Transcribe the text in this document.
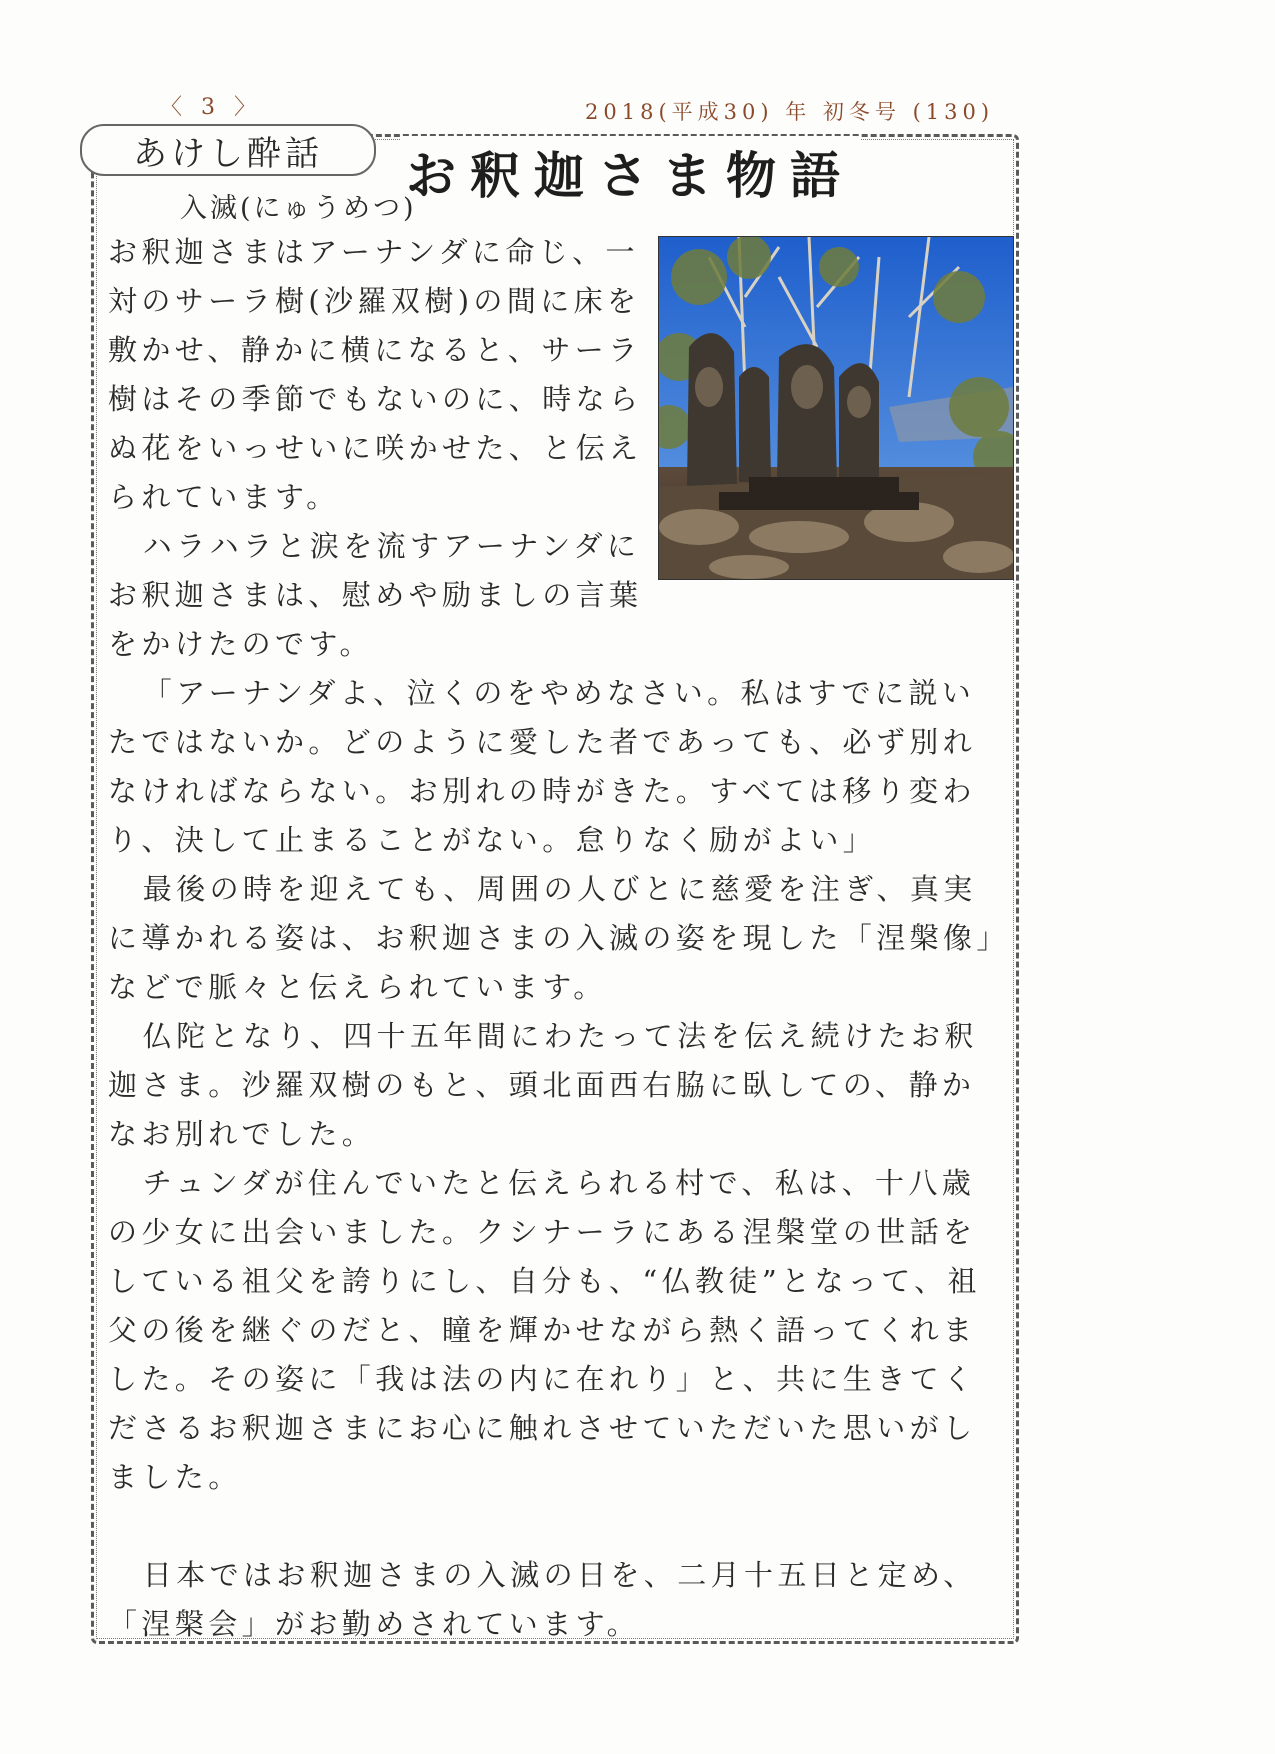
〈 3 〉	2018(平成30) 年 初冬号 (130)
あけし酔話	お釈迦さま物語
入滅(にゅうめつ)

お釈迦さまはアーナンダに命じ、一対のサーラ樹(沙羅双樹)の間に床を敷かせ、静かに横になると、サーラ樹はその季節でもないのに、時ならぬ花をいっせいに咲かせた、と伝えられています。

ハラハラと涙を流すアーナンダにお釈迦さまは、慰めや励ましの言葉をかけたのです。

「アーナンダよ、泣くのをやめなさい。私はすでに説いたではないか。どのように愛した者であっても、必ず別れなければならない。お別れの時がきた。すべては移り変わり、決して止まることがない。怠りなく励がよい」

最後の時を迎えても、周囲の人びとに慈愛を注ぎ、真実に導かれる姿は、お釈迦さまの入滅の姿を現した「涅槃像」などで脈々と伝えられています。

仏陀となり、四十五年間にわたって法を伝え続けたお釈迦さま。沙羅双樹のもと、頭北面西右脇に臥しての、静かなお別れでした。

チュンダが住んでいたと伝えられる村で、私は、十八歳の少女に出会いました。クシナーラにある涅槃堂の世話をしている祖父を誇りにし、自分も、“仏教徒”となって、祖父の後を継ぐのだと、瞳を輝かせながら熱く語ってくれました。その姿に「我は法の内に在れり」と、共に生きてくださるお釈迦さまにお心に触れさせていただいた思いがしました。

日本ではお釈迦さまの入滅の日を、二月十五日と定め、「涅槃会」がお勤めされています。
